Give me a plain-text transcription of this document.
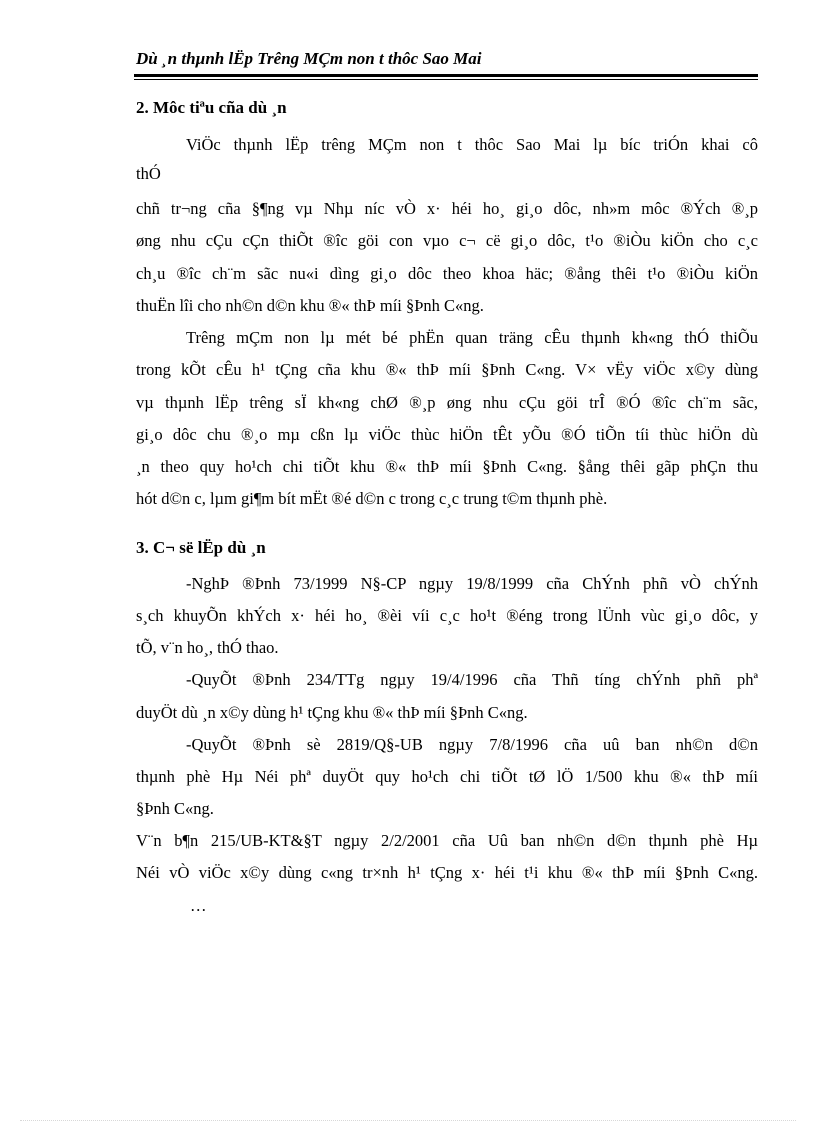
Dù ¸n thµnh lËp Trêng MÇm non t thôc Sao Mai
2. Môc tiªu cña dù ¸n
ViÖc thµnh lËp trêng MÇm non t thôc Sao Mai lµ bíc triÓn khai cô
thÓ
chñ tr¬ng cña §¶ng vµ Nhµ níc vÒ x· héi ho¸ gi¸o dôc, nh»m môc ®Ých ®¸p
øng nhu cÇu cÇn thiÕt ®îc göi con vµo c¬ cë gi¸o dôc, t¹o ®iÒu kiÖn cho c¸c
ch¸u ®îc ch¨m sãc nu«i dìng gi¸o dôc theo khoa häc; ®ång thêi t¹o ®iÒu kiÖn
thuËn lîi cho nh©n d©n khu ®« thÞ míi §Þnh C«ng.
Trêng mÇm non lµ mét bé phËn quan träng cÊu thµnh kh«ng thÓ thiÕu
trong kÕt cÊu h¹ tÇng cña khu ®« thÞ míi §Þnh C«ng. V× vËy viÖc x©y dùng
vµ thµnh lËp trêng sÏ kh«ng chØ ®¸p øng nhu cÇu göi trÎ ®Ó ®îc ch¨m sãc,
gi¸o dôc chu ®¸o mµ cßn lµ viÖc thùc hiÖn tÊt yÕu ®Ó tiÕn tíi thùc hiÖn dù
¸n theo quy ho¹ch chi tiÕt khu ®« thÞ míi §Þnh C«ng. §ång thêi gãp phÇn thu
hót d©n c, lµm gi¶m bít mËt ®é d©n c trong c¸c trung t©m thµnh phè.
3. C¬ së lËp dù ¸n
-NghÞ ®Þnh 73/1999 N§-CP ngµy 19/8/1999 cña ChÝnh phñ vÒ chÝnh
s¸ch khuyÕn khÝch x· héi ho¸ ®èi víi c¸c ho¹t ®éng trong lÜnh vùc gi¸o dôc, y
tÕ, v¨n ho¸, thÓ thao.
-QuyÕt ®Þnh 234/TTg ngµy 19/4/1996 cña Thñ tíng chÝnh phñ phª
duyÖt dù ¸n x©y dùng h¹ tÇng khu ®« thÞ míi §Þnh C«ng.
-QuyÕt ®Þnh sè 2819/Q§-UB ngµy 7/8/1996 cña uû ban nh©n d©n
thµnh phè Hµ Néi phª duyÖt quy ho¹ch chi tiÕt tØ lÖ 1/500 khu ®« thÞ míi
§Þnh C«ng.
V¨n b¶n 215/UB-KT&§T ngµy 2/2/2001 cña Uû ban nh©n d©n thµnh phè Hµ
Néi vÒ viÖc x©y dùng c«ng tr×nh h¹ tÇng x· héi t¹i khu ®« thÞ míi §Þnh C«ng.
…
